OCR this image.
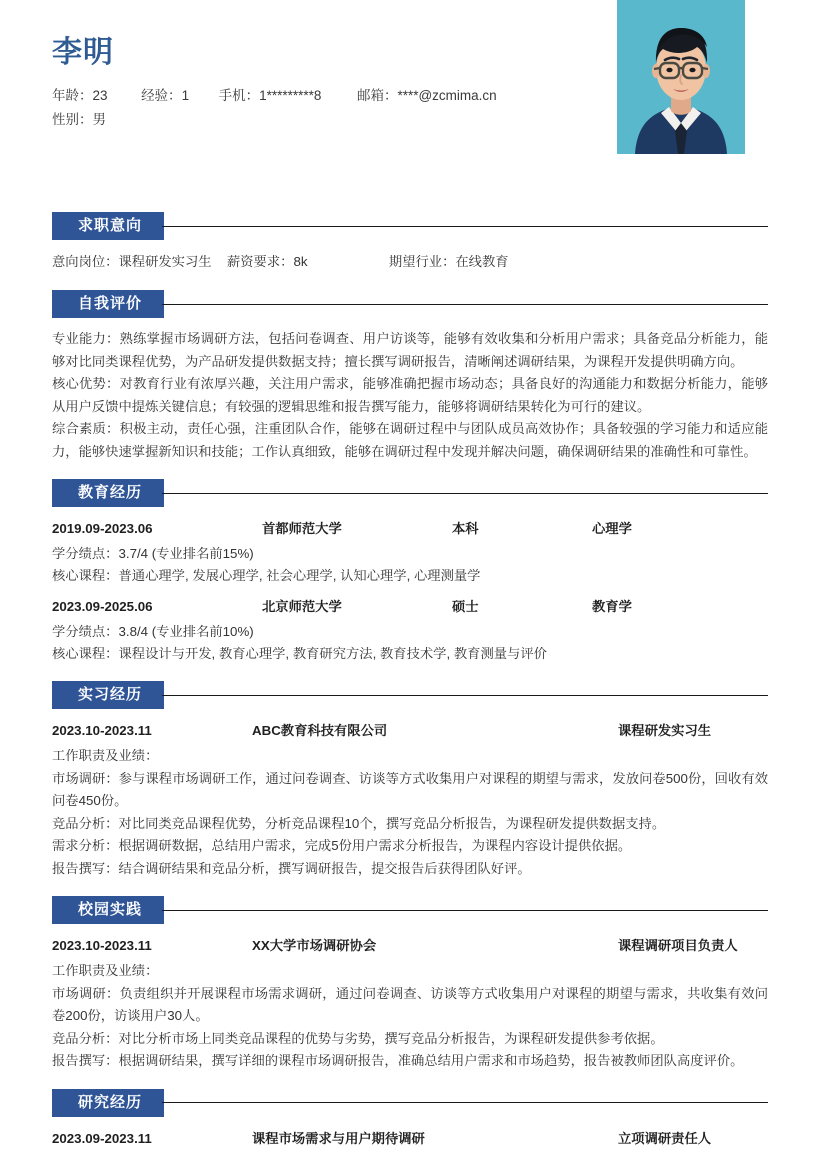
李明
年龄：23 经验：1 手机：1*********8	邮箱：****@zcmima.cn
性别：男
求职意向
意向岗位：课程研发实习生 薪资要求：8k	期望行业：在线教育
自我评价

专业能力：熟练掌握市场调研方法，包括问卷调查、用户访谈等，能够有效收集和分析用户需求；具备竞品分析能力，能够对比同类课程优势，为产品研发提供数据支持；擅长撰写调研报告，清晰阐述调研结果，为课程开发提供明确方向。

核心优势：对教育行业有浓厚兴趣，关注用户需求，能够准确把握市场动态；具备良好的沟通能力和数据分析能力，能够从用户反馈中提炼关键信息；有较强的逻辑思维和报告撰写能力，能够将调研结果转化为可行的建议。

综合素质：积极主动，责任心强，注重团队合作，能够在调研过程中与团队成员高效协作；具备较强的学习能力和适应能力，能够快速掌握新知识和技能；工作认真细致，能够在调研过程中发现并解决问题，确保调研结果的准确性和可靠性。

教育经历
2019.09-2023.06	首都师范大学	本科	心理学
学分绩点：3.7/4 (专业排名前15%)
核心课程：普通心理学, 发展心理学, 社会心理学, 认知心理学, 心理测量学
2023.09-2025.06	北京师范大学	硕士	教育学
学分绩点：3.8/4 (专业排名前10%)
核心课程：课程设计与开发, 教育心理学, 教育研究方法, 教育技术学, 教育测量与评价
实习经历
2023.10-2023.11	ABC教育科技有限公司	课程研发实习生

工作职责及业绩：

市场调研：参与课程市场调研工作，通过问卷调查、访谈等方式收集用户对课程的期望与需求，发放问卷500份，回收有效问卷450份。

竞品分析：对比同类竞品课程优势，分析竞品课程10个，撰写竞品分析报告，为课程研发提供数据支持。

需求分析：根据调研数据，总结用户需求，完成5份用户需求分析报告，为课程内容设计提供依据。

报告撰写：结合调研结果和竞品分析，撰写调研报告，提交报告后获得团队好评。

校园实践
2023.10-2023.11	XX大学市场调研协会	课程调研项目负责人

工作职责及业绩：

市场调研：负责组织并开展课程市场需求调研，通过问卷调查、访谈等方式收集用户对课程的期望与需求，共收集有效问卷200份，访谈用户30人。

竞品分析：对比分析市场上同类竞品课程的优势与劣势，撰写竞品分析报告，为课程研发提供参考依据。

报告撰写：根据调研结果，撰写详细的课程市场调研报告，准确总结用户需求和市场趋势，报告被教师团队高度评价。

研究经历
2023.09-2023.11	课程市场需求与用户期待调研	立项调研责任人
